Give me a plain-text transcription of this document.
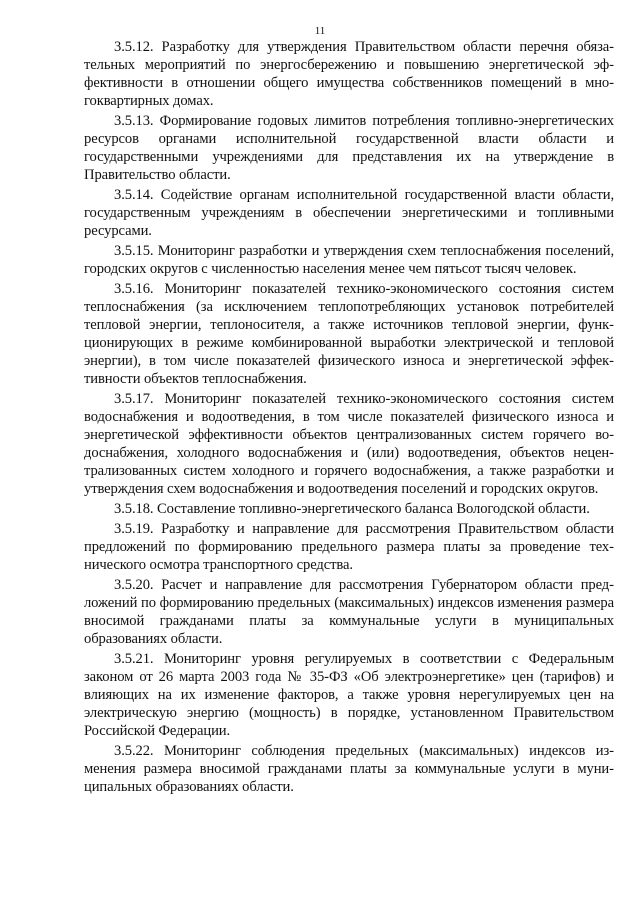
11

3.5.12. Разработку для утверждения Правительством области перечня обязательных мероприятий по энергосбережению и повышению энергетической эффективности в отношении общего имущества собственников помещений в многоквартирных домах.

3.5.13. Формирование годовых лимитов потребления топливно-энергетических ресурсов органами исполнительной государственной власти области и государственными учреждениями для представления их на утверждение в Правительство области.

3.5.14. Содействие органам исполнительной государственной власти области, государственным учреждениям в обеспечении энергетическими и топливными ресурсами.

3.5.15. Мониторинг разработки и утверждения схем теплоснабжения поселений, городских округов с численностью населения менее чем пятьсот тысяч человек.

3.5.16. Мониторинг показателей технико-экономического состояния систем теплоснабжения (за исключением теплопотребляющих установок потребителей тепловой энергии, теплоносителя, а также источников тепловой энергии, функционирующих в режиме комбинированной выработки электрической и тепловой энергии), в том числе показателей физического износа и энергетической эффективности объектов теплоснабжения.

3.5.17. Мониторинг показателей технико-экономического состояния систем водоснабжения и водоотведения, в том числе показателей физического износа и энергетической эффективности объектов централизованных систем горячего водоснабжения, холодного водоснабжения и (или) водоотведения, объектов нецентрализованных систем холодного и горячего водоснабжения, а также разработки и утверждения схем водоснабжения и водоотведения поселений и городских округов.

3.5.18. Составление топливно-энергетического баланса Вологодской области.

3.5.19. Разработку и направление для рассмотрения Правительством области предложений по формированию предельного размера платы за проведение технического осмотра транспортного средства.

3.5.20. Расчет и направление для рассмотрения Губернатором области предложений по формированию предельных (максимальных) индексов изменения размера вносимой гражданами платы за коммунальные услуги в муниципальных образованиях области.

3.5.21. Мониторинг уровня регулируемых в соответствии с Федеральным законом от 26 марта 2003 года № 35-ФЗ «Об электроэнергетике» цен (тарифов) и влияющих на их изменение факторов, а также уровня нерегулируемых цен на электрическую энергию (мощность) в порядке, установленном Правительством Российской Федерации.

3.5.22. Мониторинг соблюдения предельных (максимальных) индексов изменения размера вносимой гражданами платы за коммунальные услуги в муниципальных образованиях области.
